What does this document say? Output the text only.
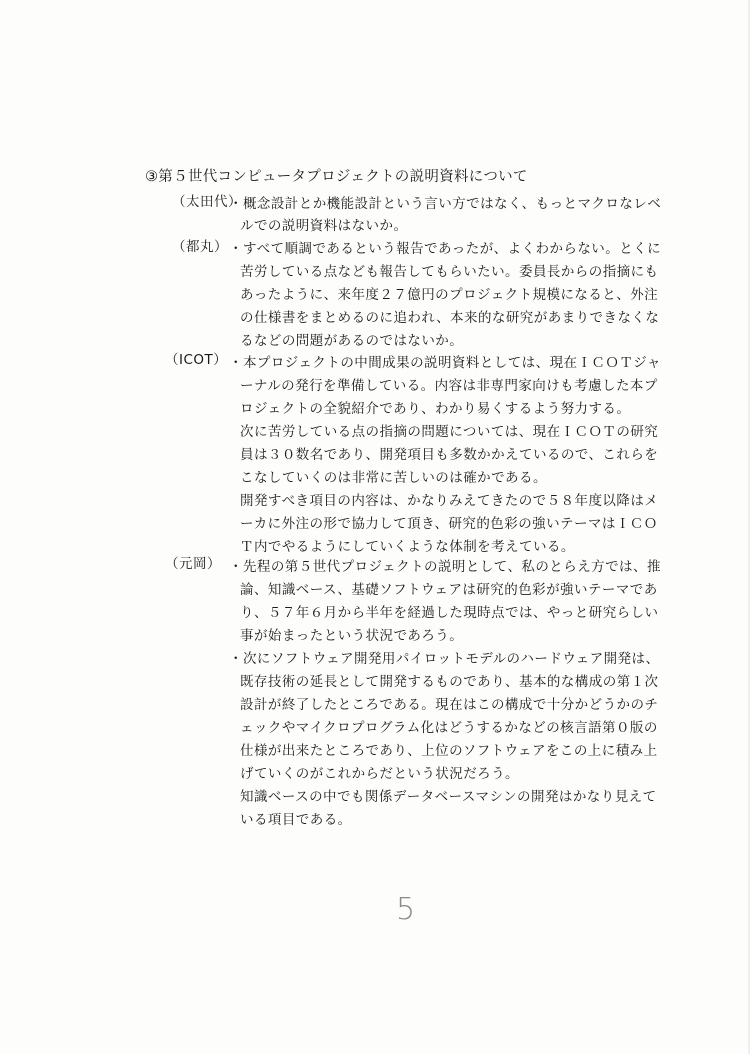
③第５世代コンピュータプロジェクトの説明資料について
（太田代）
・概念設計とか機能設計という言い方ではなく、もっとマクロなレベ
ルでの説明資料はないか。
（都丸） ・すべて順調であるという報告であったが、よくわからない。とくに
苦労している点なども報告してもらいたい。委員長からの指摘にも
あったように、来年度２７億円のプロジェクト規模になると、外注
の仕様書をまとめるのに追われ、本来的な研究があまりできなくな
るなどの問題があるのではないか。
（ICOT） ・本プロジェクトの中間成果の説明資料としては、現在ＩＣＯＴジャ
ーナルの発行を準備している。内容は非専門家向けも考慮した本プ
ロジェクトの全貌紹介であり、わかり易くするよう努力する。
次に苦労している点の指摘の問題については、現在ＩＣＯＴの研究
員は３０数名であり、開発項目も多数かかえているので、これらを
こなしていくのは非常に苦しいのは確かである。
開発すべき項目の内容は、かなりみえてきたので５８年度以降はメ
ーカに外注の形で協力して頂き、研究的色彩の強いテーマはＩＣＯ
Ｔ内でやるようにしていくような体制を考えている。
（元岡） ・先程の第５世代プロジェクトの説明として、私のとらえ方では、推
論、知識ベース、基礎ソフトウェアは研究的色彩が強いテーマであ
り、５７年６月から半年を経過した現時点では、やっと研究らしい
事が始まったという状況であろう。
・次にソフトウェア開発用パイロットモデルのハードウェア開発は、
既存技術の延長として開発するものであり、基本的な構成の第１次
設計が終了したところである。現在はこの構成で十分かどうかのチ
ェックやマイクロプログラム化はどうするかなどの核言語第０版の
仕様が出来たところであり、上位のソフトウェアをこの上に積み上
げていくのがこれからだという状況だろう。
知識ベースの中でも関係データベースマシンの開発はかなり見えて
いる項目である。
5
